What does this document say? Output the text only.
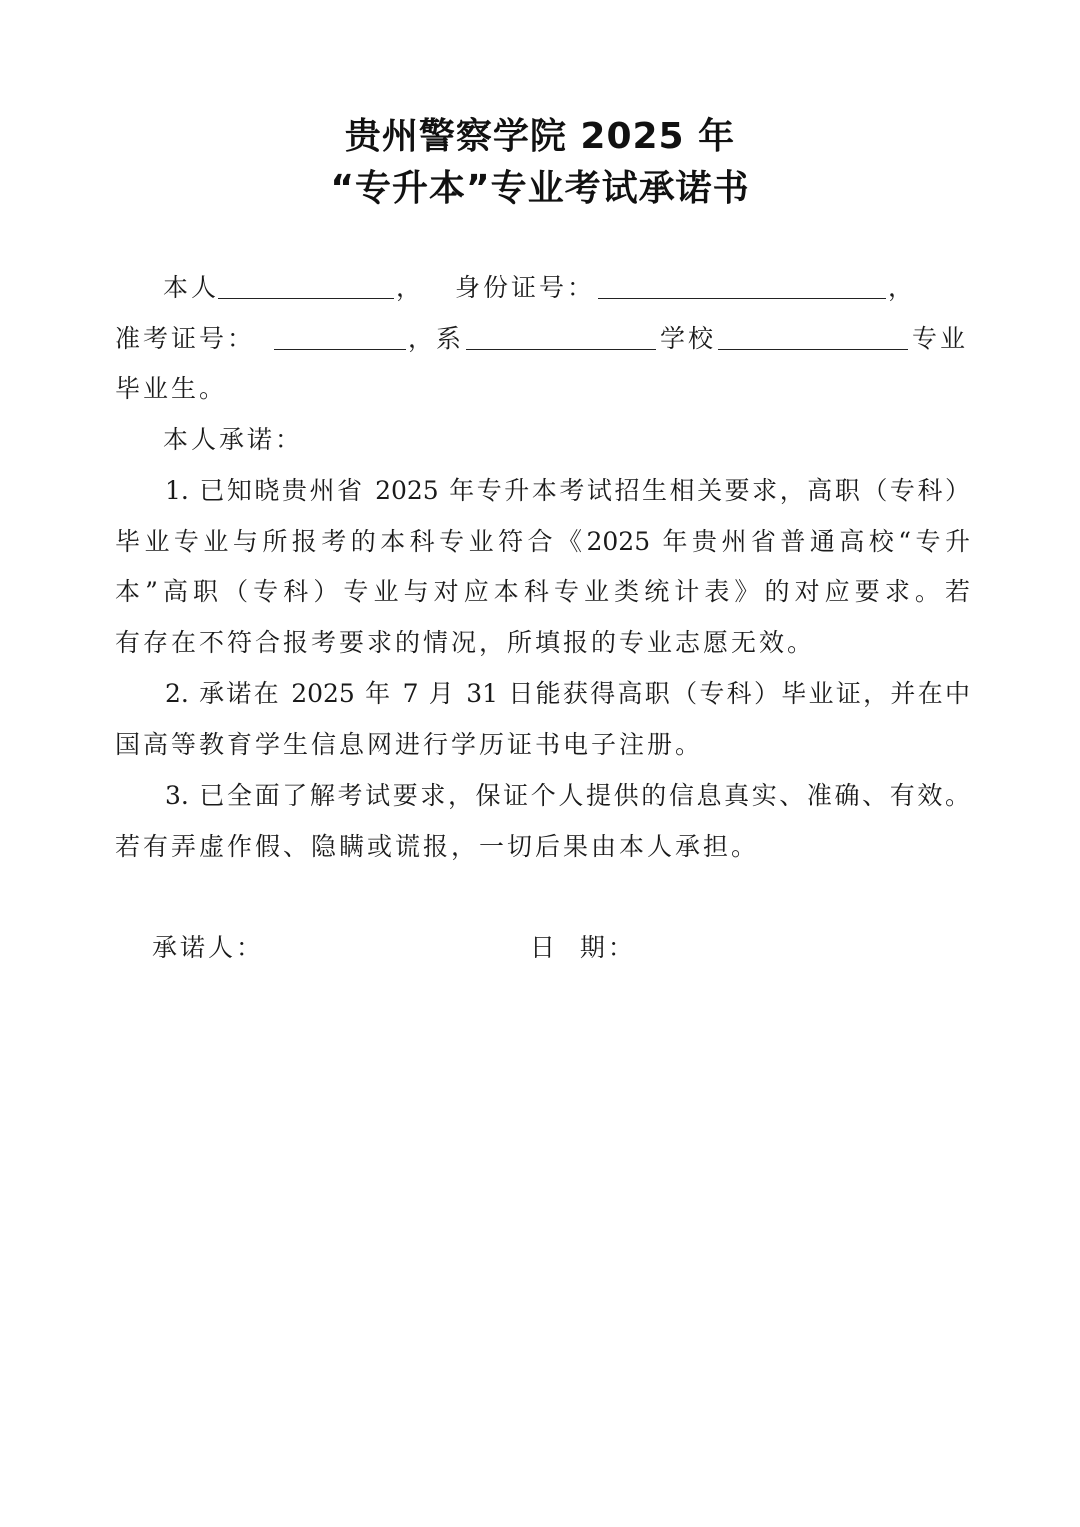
贵州警察学院 2025 年
“专升本”专业考试承诺书
本人	， 身份证号：	，
准考证号：	，系	学校	专业
毕业生。
本人承诺：
1. 已知晓贵州省 2025 年专升本考试招生相关要求，高职（专科）
毕业专业与所报考的本科专业符合《2025 年贵州省普通高校“专升
本”高职（专科）专业与对应本科专业类统计表》的对应要求。若
有存在不符合报考要求的情况，所填报的专业志愿无效。
2. 承诺在 2025 年 7 月 31 日能获得高职（专科）毕业证，并在中
国高等教育学生信息网进行学历证书电子注册。
3. 已全面了解考试要求，保证个人提供的信息真实、准确、有效。
若有弄虚作假、隐瞒或谎报，一切后果由本人承担。
承诺人：	日  期：
